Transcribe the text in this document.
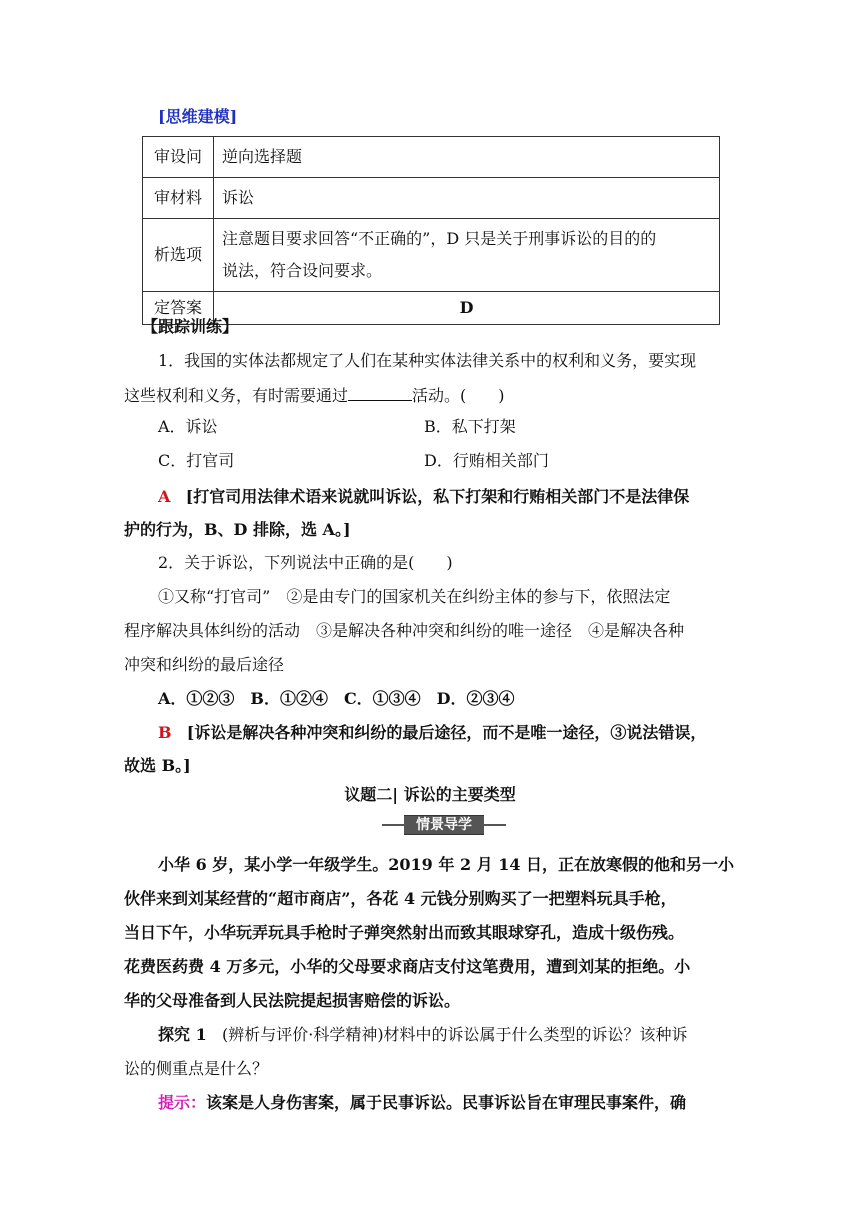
[思维建模]
审设问	逆向选择题
审材料	诉讼
析选项	注意题目要求回答“不正确的”，D 只是关于刑事诉讼的目的的
说法，符合设问要求。

定答案	D
【跟踪训练】
1．我国的实体法都规定了人们在某种实体法律关系中的权利和义务，要实现
这些权利和义务，有时需要通过	活动。(　　)
A．诉讼	B．私下打架
C．打官司	D．行贿相关部门
A [打官司用法律术语来说就叫诉讼，私下打架和行贿相关部门不是法律保
护的行为，B、D 排除，选 A。]
2．关于诉讼，下列说法中正确的是(　　)
①又称“打官司”　②是由专门的国家机关在纠纷主体的参与下，依照法定
程序解决具体纠纷的活动　③是解决各种冲突和纠纷的唯一途径　④是解决各种
冲突和纠纷的最后途径
A．①②③　B．①②④　C．①③④　D．②③④
B [诉讼是解决各种冲突和纠纷的最后途径，而不是唯一途径，③说法错误，
故选 B。]
议题二| 诉讼的主要类型
情景导学
小华 6 岁，某小学一年级学生。2019 年 2 月 14 日，正在放寒假的他和另一小
伙伴来到刘某经营的“超市商店”，各花 4 元钱分别购买了一把塑料玩具手枪，
当日下午，小华玩弄玩具手枪时子弹突然射出而致其眼球穿孔，造成十级伤残。
花费医药费 4 万多元，小华的父母要求商店支付这笔费用，遭到刘某的拒绝。小
华的父母准备到人民法院提起损害赔偿的诉讼。
探究 1 (辨析与评价·科学精神)材料中的诉讼属于什么类型的诉讼？该种诉
讼的侧重点是什么？
提示：该案是人身伤害案，属于民事诉讼。民事诉讼旨在审理民事案件，确
